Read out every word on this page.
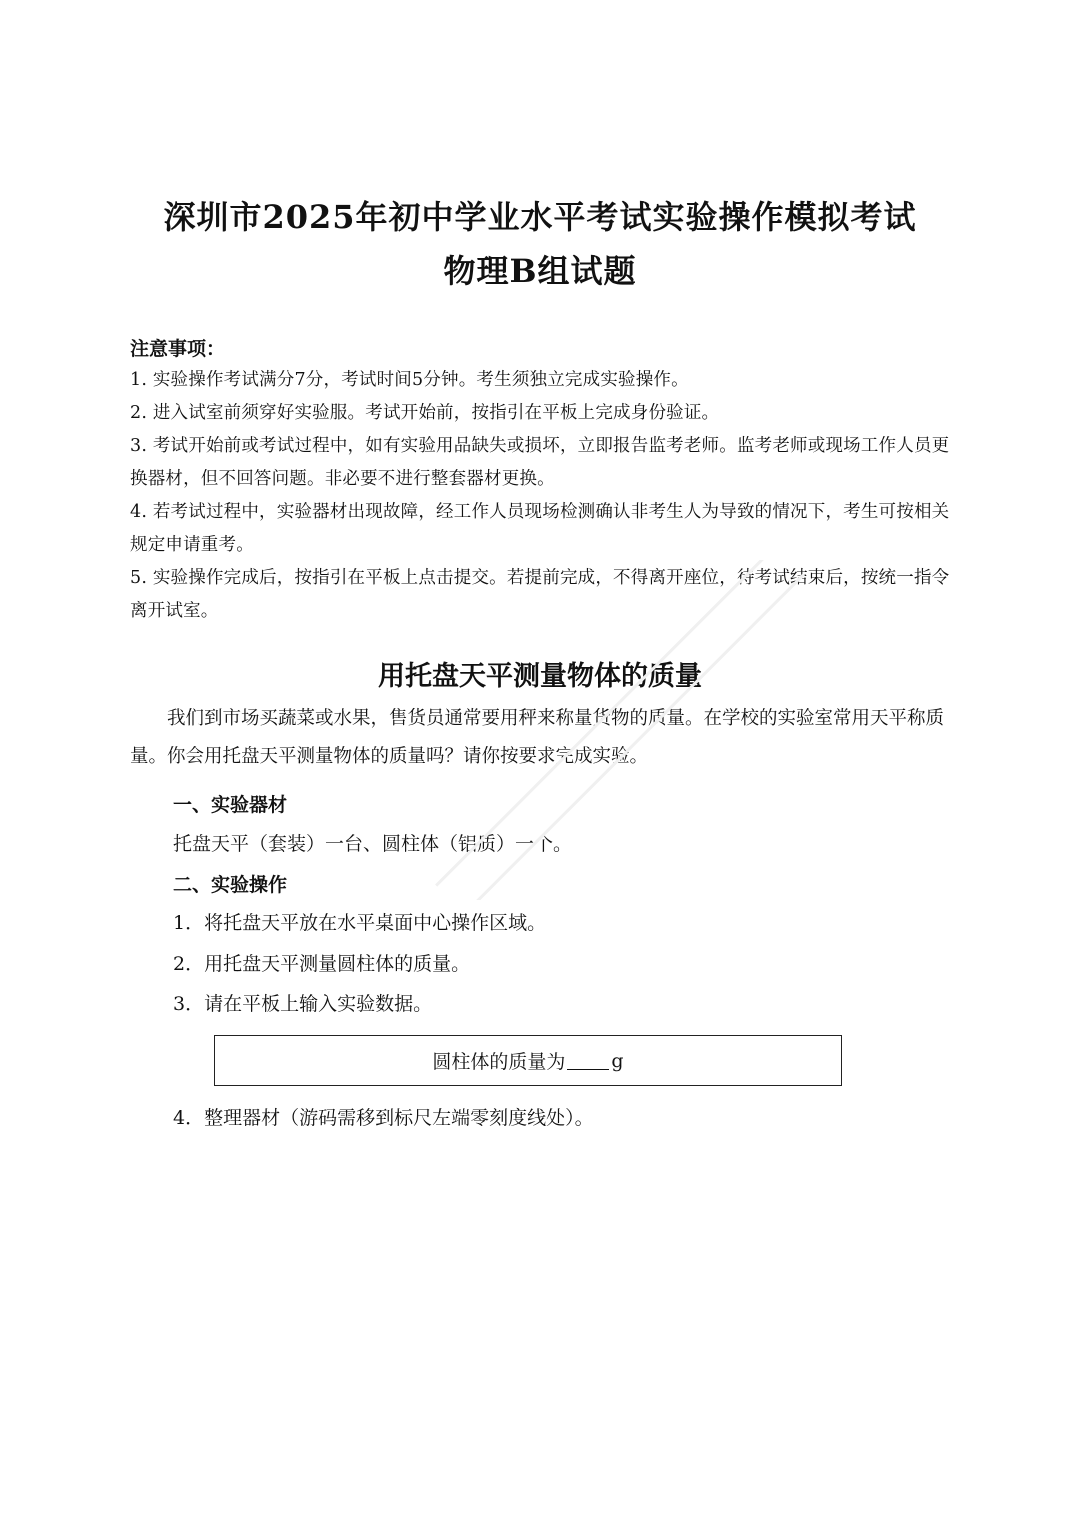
深圳市2025年初中学业水平考试实验操作模拟考试
物理B组试题
注意事项：
1. 实验操作考试满分7分，考试时间5分钟。考生须独立完成实验操作。
2. 进入试室前须穿好实验服。考试开始前，按指引在平板上完成身份验证。
3. 考试开始前或考试过程中，如有实验用品缺失或损坏，立即报告监考老师。监考老师或现场工作人员更换器材，但不回答问题。非必要不进行整套器材更换。
4. 若考试过程中，实验器材出现故障，经工作人员现场检测确认非考生人为导致的情况下，考生可按相关规定申请重考。
5. 实验操作完成后，按指引在平板上点击提交。若提前完成，不得离开座位，待考试结束后，按统一指令离开试室。
用托盘天平测量物体的质量
我们到市场买蔬菜或水果，售货员通常要用秤来称量货物的质量。在学校的实验室常用天平称质量。你会用托盘天平测量物体的质量吗？请你按要求完成实验。
一、实验器材
托盘天平（套装）一台、圆柱体（铝质）一个。
二、实验操作
1．将托盘天平放在水平桌面中心操作区域。
2．用托盘天平测量圆柱体的质量。
3．请在平板上输入实验数据。
圆柱体的质量为 g
4．整理器材（游码需移到标尺左端零刻度线处）。
